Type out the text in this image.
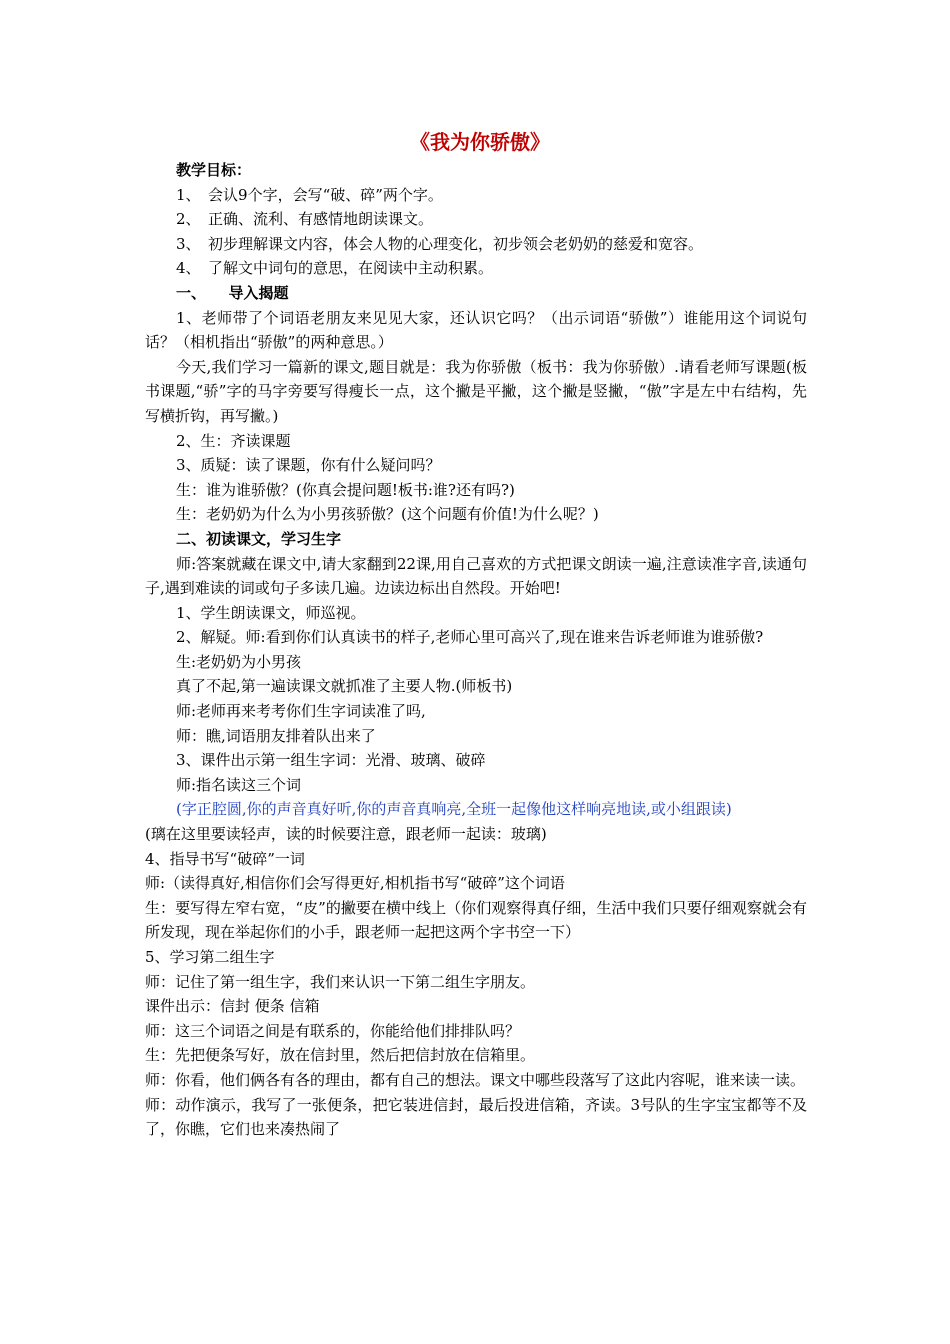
《我为你骄傲》

教学目标：

1、　会认9个字，会写“破、碎”两个字。

2、　正确、流利、有感情地朗读课文。

3、　初步理解课文内容，体会人物的心理变化，初步领会老奶奶的慈爱和宽容。

4、　了解文中词句的意思，在阅读中主动积累。

一、　　导入揭题

1、老师带了个词语老朋友来见见大家，还认识它吗？（出示词语“骄傲”）谁能用这个词说句话？（相机指出“骄傲”的两种意思。）

今天,我们学习一篇新的课文,题目就是：我为你骄傲（板书：我为你骄傲）.请看老师写课题(板书课题,“骄”字的马字旁要写得瘦长一点，这个撇是平撇，这个撇是竖撇，“傲”字是左中右结构，先写横折钩，再写撇。)

2、生：齐读课题

3、质疑：读了课题，你有什么疑问吗？

生：谁为谁骄傲？(你真会提问题!板书:谁?还有吗?)

生：老奶奶为什么为小男孩骄傲？(这个问题有价值!为什么呢？)

二、初读课文，学习生字

师:答案就藏在课文中,请大家翻到22课,用自己喜欢的方式把课文朗读一遍,注意读准字音,读通句子,遇到难读的词或句子多读几遍。边读边标出自然段。开始吧!

1、学生朗读课文，师巡视。

2、解疑。师:看到你们认真读书的样子,老师心里可高兴了,现在谁来告诉老师谁为谁骄傲?

生:老奶奶为小男孩

真了不起,第一遍读课文就抓准了主要人物.(师板书)

师:老师再来考考你们生字词读准了吗,

师：瞧,词语朋友排着队出来了

3、课件出示第一组生字词：光滑、玻璃、破碎

师:指名读这三个词

(字正腔圆,你的声音真好听,你的声音真响亮,全班一起像他这样响亮地读,或小组跟读)

(璃在这里要读轻声，读的时候要注意，跟老师一起读：玻璃)

4、指导书写“破碎”一词

师:（读得真好,相信你们会写得更好,相机指书写“破碎”这个词语

生：要写得左窄右宽，“皮”的撇要在横中线上（你们观察得真仔细，生活中我们只要仔细观察就会有所发现，现在举起你们的小手，跟老师一起把这两个字书空一下）

5、学习第二组生字

师：记住了第一组生字，我们来认识一下第二组生字朋友。

课件出示：信封 便条 信箱

师：这三个词语之间是有联系的，你能给他们排排队吗？

生：先把便条写好，放在信封里，然后把信封放在信箱里。

师：你看，他们俩各有各的理由，都有自己的想法。课文中哪些段落写了这此内容呢，谁来读一读。

师：动作演示，我写了一张便条，把它装进信封，最后投进信箱，齐读。3号队的生字宝宝都等不及了，你瞧，它们也来凑热闹了
